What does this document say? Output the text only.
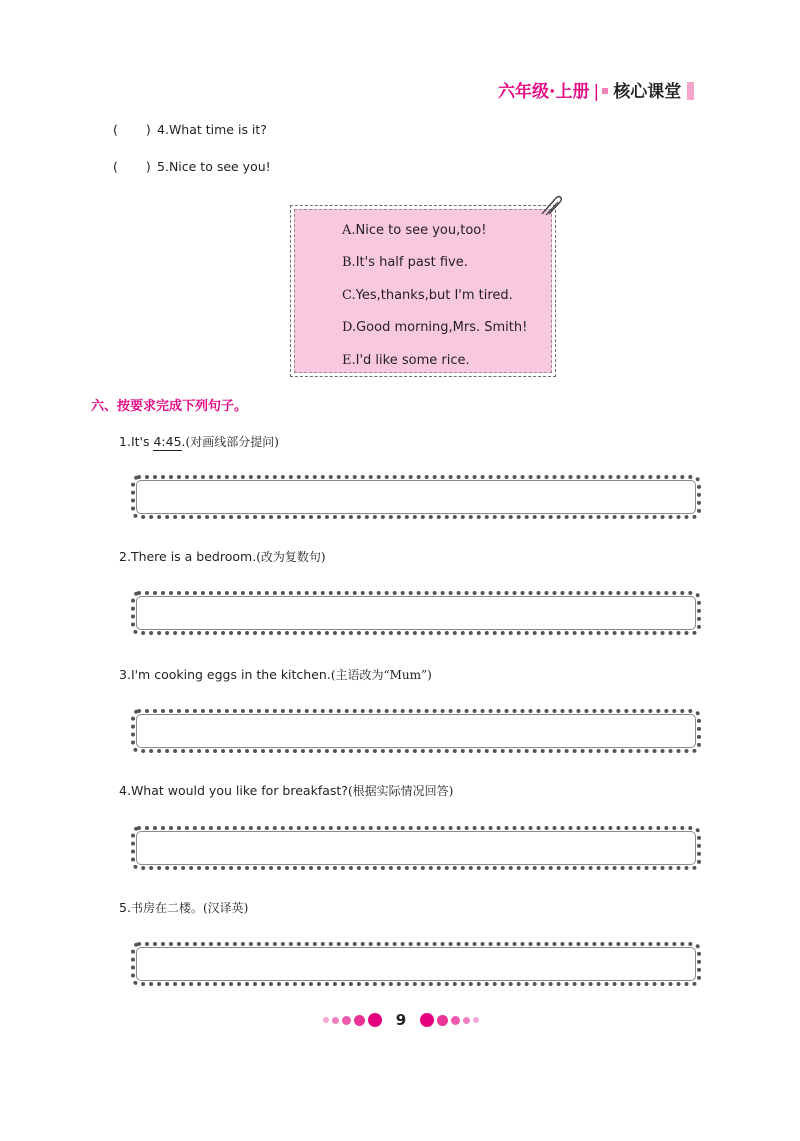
六年级·上册 | 核心课堂
( ) 4.What time is it?
( ) 5.Nice to see you!
A.Nice to see you,too!
B.It's half past five.
C.Yes,thanks,but I'm tired.
D.Good morning,Mrs. Smith!
E.I'd like some rice.
六、按要求完成下列句子。
1.It's 4:45.(对画线部分提问)
2.There is a bedroom.(改为复数句)
3.I'm cooking eggs in the kitchen.(主语改为“Mum”)
4.What would you like for breakfast?(根据实际情况回答)
5.书房在二楼。(汉译英)
9
